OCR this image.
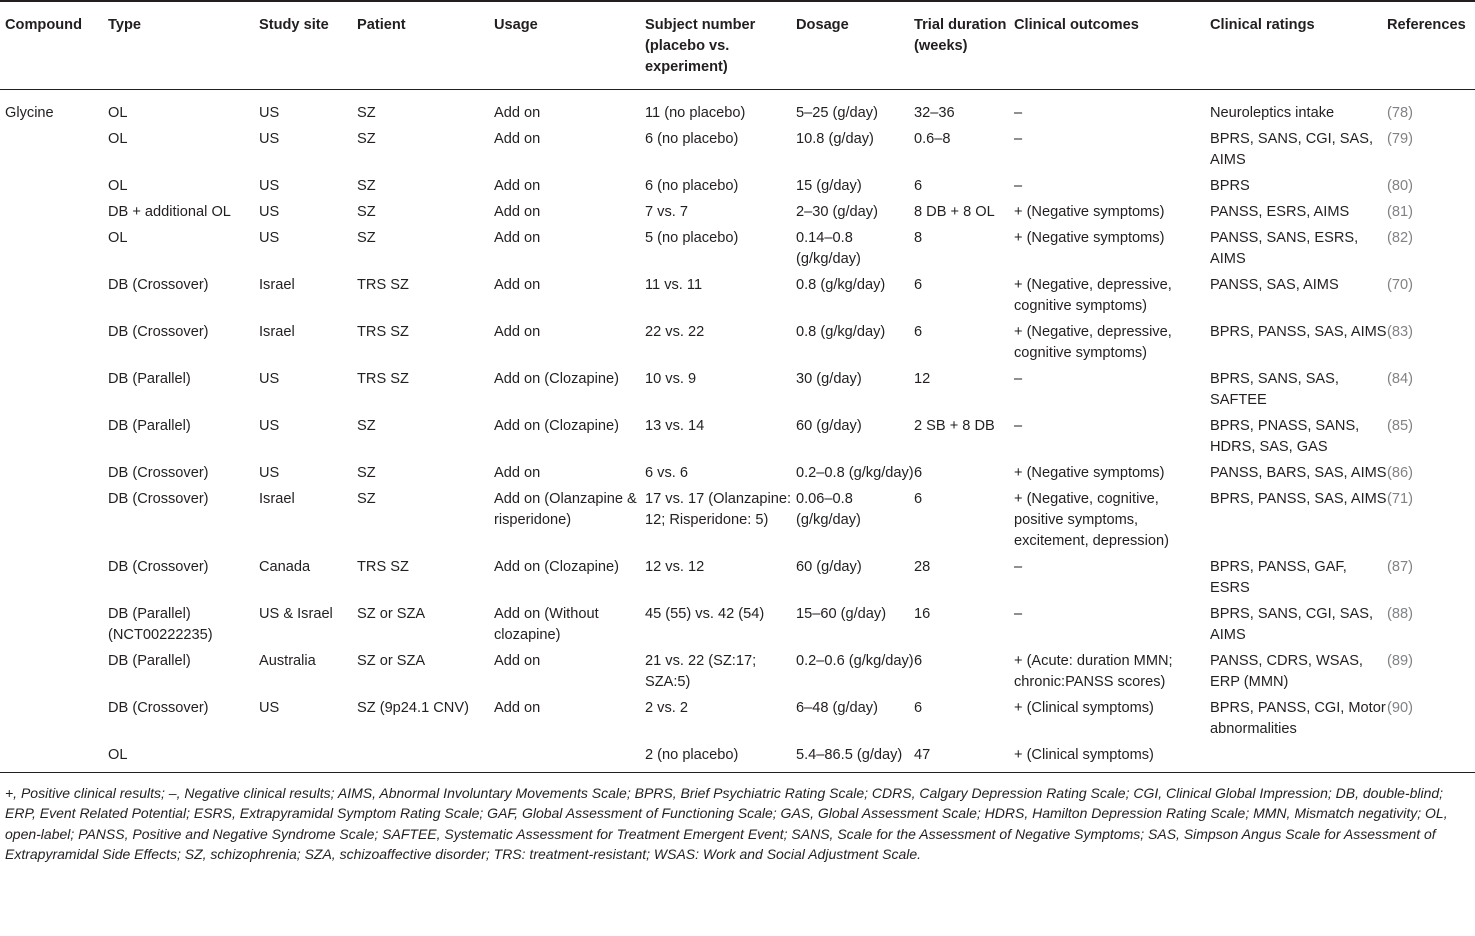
Compound	Type	Study site	Patient	Usage	Subject number (placebo vs. experiment)	Dosage	Trial duration (weeks)	Clinical outcomes	Clinical ratings	References
Glycine	OL	US	SZ	Add on	11 (no placebo)	5–25 (g/day)	32–36	–	Neuroleptics intake	(78)
	OL	US	SZ	Add on	6 (no placebo)	10.8 (g/day)	0.6–8	–	BPRS, SANS, CGI, SAS, AIMS	(79)
	OL	US	SZ	Add on	6 (no placebo)	15 (g/day)	6	–	BPRS	(80)
	DB + additional OL	US	SZ	Add on	7 vs. 7	2–30 (g/day)	8 DB + 8 OL	+ (Negative symptoms)	PANSS, ESRS, AIMS	(81)
	OL	US	SZ	Add on	5 (no placebo)	0.14–0.8 (g/kg/day)	8	+ (Negative symptoms)	PANSS, SANS, ESRS, AIMS	(82)
	DB (Crossover)	Israel	TRS SZ	Add on	11 vs. 11	0.8 (g/kg/day)	6	+ (Negative, depressive, cognitive symptoms)	PANSS, SAS, AIMS	(70)
	DB (Crossover)	Israel	TRS SZ	Add on	22 vs. 22	0.8 (g/kg/day)	6	+ (Negative, depressive, cognitive symptoms)	BPRS, PANSS, SAS, AIMS	(83)
	DB (Parallel)	US	TRS SZ	Add on (Clozapine)	10 vs. 9	30 (g/day)	12	–	BPRS, SANS, SAS, SAFTEE	(84)
	DB (Parallel)	US	SZ	Add on (Clozapine)	13 vs. 14	60 (g/day)	2 SB + 8 DB	–	BPRS, PNASS, SANS, HDRS, SAS, GAS	(85)
	DB (Crossover)	US	SZ	Add on	6 vs. 6	0.2–0.8 (g/kg/day)	6	+ (Negative symptoms)	PANSS, BARS, SAS, AIMS	(86)
	DB (Crossover)	Israel	SZ	Add on (Olanzapine & risperidone)	17 vs. 17 (Olanzapine: 12; Risperidone: 5)	0.06–0.8 (g/kg/day)	6	+ (Negative, cognitive, positive symptoms, excitement, depression)	BPRS, PANSS, SAS, AIMS	(71)
	DB (Crossover)	Canada	TRS SZ	Add on (Clozapine)	12 vs. 12	60 (g/day)	28	–	BPRS, PANSS, GAF, ESRS	(87)
	DB (Parallel) (NCT00222235)	US & Israel	SZ or SZA	Add on (Without clozapine)	45 (55) vs. 42 (54)	15–60 (g/day)	16	–	BPRS, SANS, CGI, SAS, AIMS	(88)
	DB (Parallel)	Australia	SZ or SZA	Add on	21 vs. 22 (SZ:17; SZA:5)	0.2–0.6 (g/kg/day)	6	+ (Acute: duration MMN; chronic:PANSS scores)	PANSS, CDRS, WSAS, ERP (MMN)	(89)
	DB (Crossover)	US	SZ (9p24.1 CNV)	Add on	2 vs. 2	6–48 (g/day)	6	+ (Clinical symptoms)	BPRS, PANSS, CGI, Motor abnormalities	(90)
	OL				2 (no placebo)	5.4–86.5 (g/day)	47	+ (Clinical symptoms)		

+, Positive clinical results; –, Negative clinical results; AIMS, Abnormal Involuntary Movements Scale; BPRS, Brief Psychiatric Rating Scale; CDRS, Calgary Depression Rating Scale; CGI, Clinical Global Impression; DB, double-blind; ERP, Event Related Potential; ESRS, Extrapyramidal Symptom Rating Scale; GAF, Global Assessment of Functioning Scale; GAS, Global Assessment Scale; HDRS, Hamilton Depression Rating Scale; MMN, Mismatch negativity; OL, open-label; PANSS, Positive and Negative Syndrome Scale; SAFTEE, Systematic Assessment for Treatment Emergent Event; SANS, Scale for the Assessment of Negative Symptoms; SAS, Simpson Angus Scale for Assessment of Extrapyramidal Side Effects; SZ, schizophrenia; SZA, schizoaffective disorder; TRS: treatment-resistant; WSAS: Work and Social Adjustment Scale.
